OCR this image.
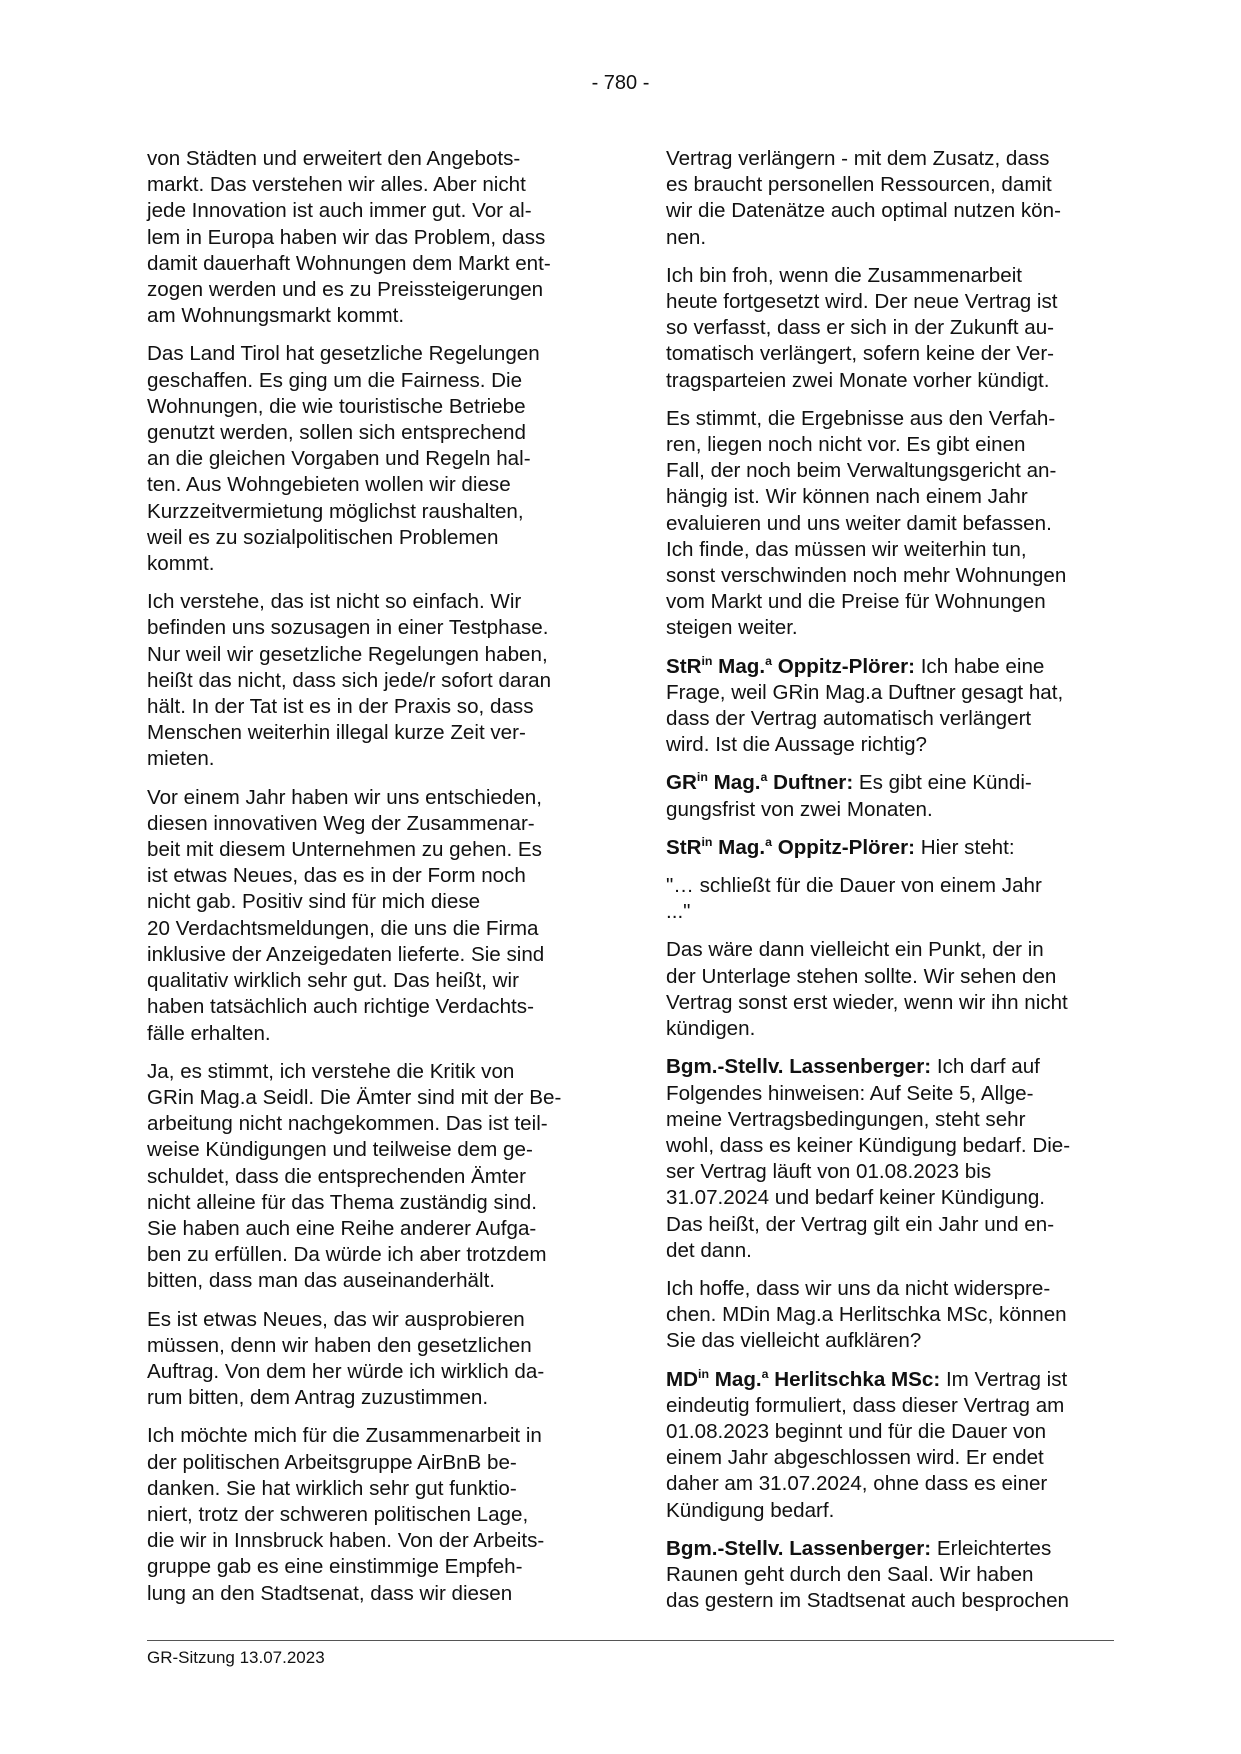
- 780 -

von Städten und erweitert den Angebots-
markt. Das verstehen wir alles. Aber nicht
jede Innovation ist auch immer gut. Vor al-
lem in Europa haben wir das Problem, dass
damit dauerhaft Wohnungen dem Markt ent-
zogen werden und es zu Preissteigerungen
am Wohnungsmarkt kommt.

Das Land Tirol hat gesetzliche Regelungen
geschaffen. Es ging um die Fairness. Die
Wohnungen, die wie touristische Betriebe
genutzt werden, sollen sich entsprechend
an die gleichen Vorgaben und Regeln hal-
ten. Aus Wohngebieten wollen wir diese
Kurzzeitvermietung möglichst raushalten,
weil es zu sozialpolitischen Problemen
kommt.

Ich verstehe, das ist nicht so einfach. Wir
befinden uns sozusagen in einer Testphase.
Nur weil wir gesetzliche Regelungen haben,
heißt das nicht, dass sich jede/r sofort daran
hält. In der Tat ist es in der Praxis so, dass
Menschen weiterhin illegal kurze Zeit ver-
mieten.

Vor einem Jahr haben wir uns entschieden,
diesen innovativen Weg der Zusammenar-
beit mit diesem Unternehmen zu gehen. Es
ist etwas Neues, das es in der Form noch
nicht gab. Positiv sind für mich diese
20 Verdachtsmeldungen, die uns die Firma
inklusive der Anzeigedaten lieferte. Sie sind
qualitativ wirklich sehr gut. Das heißt, wir
haben tatsächlich auch richtige Verdachts-
fälle erhalten.

Ja, es stimmt, ich verstehe die Kritik von
GRin Mag.a Seidl. Die Ämter sind mit der Be-
arbeitung nicht nachgekommen. Das ist teil-
weise Kündigungen und teilweise dem ge-
schuldet, dass die entsprechenden Ämter
nicht alleine für das Thema zuständig sind.
Sie haben auch eine Reihe anderer Aufga-
ben zu erfüllen. Da würde ich aber trotzdem
bitten, dass man das auseinanderhält.

Es ist etwas Neues, das wir ausprobieren
müssen, denn wir haben den gesetzlichen
Auftrag. Von dem her würde ich wirklich da-
rum bitten, dem Antrag zuzustimmen.

Ich möchte mich für die Zusammenarbeit in
der politischen Arbeitsgruppe AirBnB be-
danken. Sie hat wirklich sehr gut funktio-
niert, trotz der schweren politischen Lage,
die wir in Innsbruck haben. Von der Arbeits-
gruppe gab es eine einstimmige Empfeh-
lung an den Stadtsenat, dass wir diesen

Vertrag verlängern - mit dem Zusatz, dass
es braucht personellen Ressourcen, damit
wir die Datenätze auch optimal nutzen kön-
nen.

Ich bin froh, wenn die Zusammenarbeit
heute fortgesetzt wird. Der neue Vertrag ist
so verfasst, dass er sich in der Zukunft au-
tomatisch verlängert, sofern keine der Ver-
tragsparteien zwei Monate vorher kündigt.

Es stimmt, die Ergebnisse aus den Verfah-
ren, liegen noch nicht vor. Es gibt einen
Fall, der noch beim Verwaltungsgericht an-
hängig ist. Wir können nach einem Jahr
evaluieren und uns weiter damit befassen.
Ich finde, das müssen wir weiterhin tun,
sonst verschwinden noch mehr Wohnungen
vom Markt und die Preise für Wohnungen
steigen weiter.

StR$^{in}$ Mag.$^a$ Oppitz-Plörer: Ich habe eine
Frage, weil GRin Mag.a Duftner gesagt hat,
dass der Vertrag automatisch verlängert
wird. Ist die Aussage richtig?

$GR^{in}$ Mag.$^a$ Duftner: Es gibt eine Kündi-
gungsfrist von zwei Monaten.

StR$^{in}$ Mag.$^a$ Oppitz-Plörer: Hier steht:

"… schließt für die Dauer von einem Jahr
..."

Das wäre dann vielleicht ein Punkt, der in
der Unterlage stehen sollte. Wir sehen den
Vertrag sonst erst wieder, wenn wir ihn nicht
kündigen.

Bgm.-Stellv. Lassenberger: Ich darf auf
Folgendes hinweisen: Auf Seite 5, Allge-
meine Vertragsbedingungen, steht sehr
wohl, dass es keiner Kündigung bedarf. Die-
ser Vertrag läuft von 01.08.2023 bis
31.07.2024 und bedarf keiner Kündigung.
Das heißt, der Vertrag gilt ein Jahr und en-
det dann.

Ich hoffe, dass wir uns da nicht widerspre-
chen. MDin Mag.a Herlitschka MSc, können
Sie das vielleicht aufklären?

$MD^{in}$ Mag.$^a$ Herlitschka MSc: Im Vertrag ist
eindeutig formuliert, dass dieser Vertrag am
01.08.2023 beginnt und für die Dauer von
einem Jahr abgeschlossen wird. Er endet
daher am 31.07.2024, ohne dass es einer
Kündigung bedarf.

Bgm.-Stellv. Lassenberger: Erleichtertes
Raunen geht durch den Saal. Wir haben
das gestern im Stadtsenat auch besprochen

GR-Sitzung 13.07.2023
